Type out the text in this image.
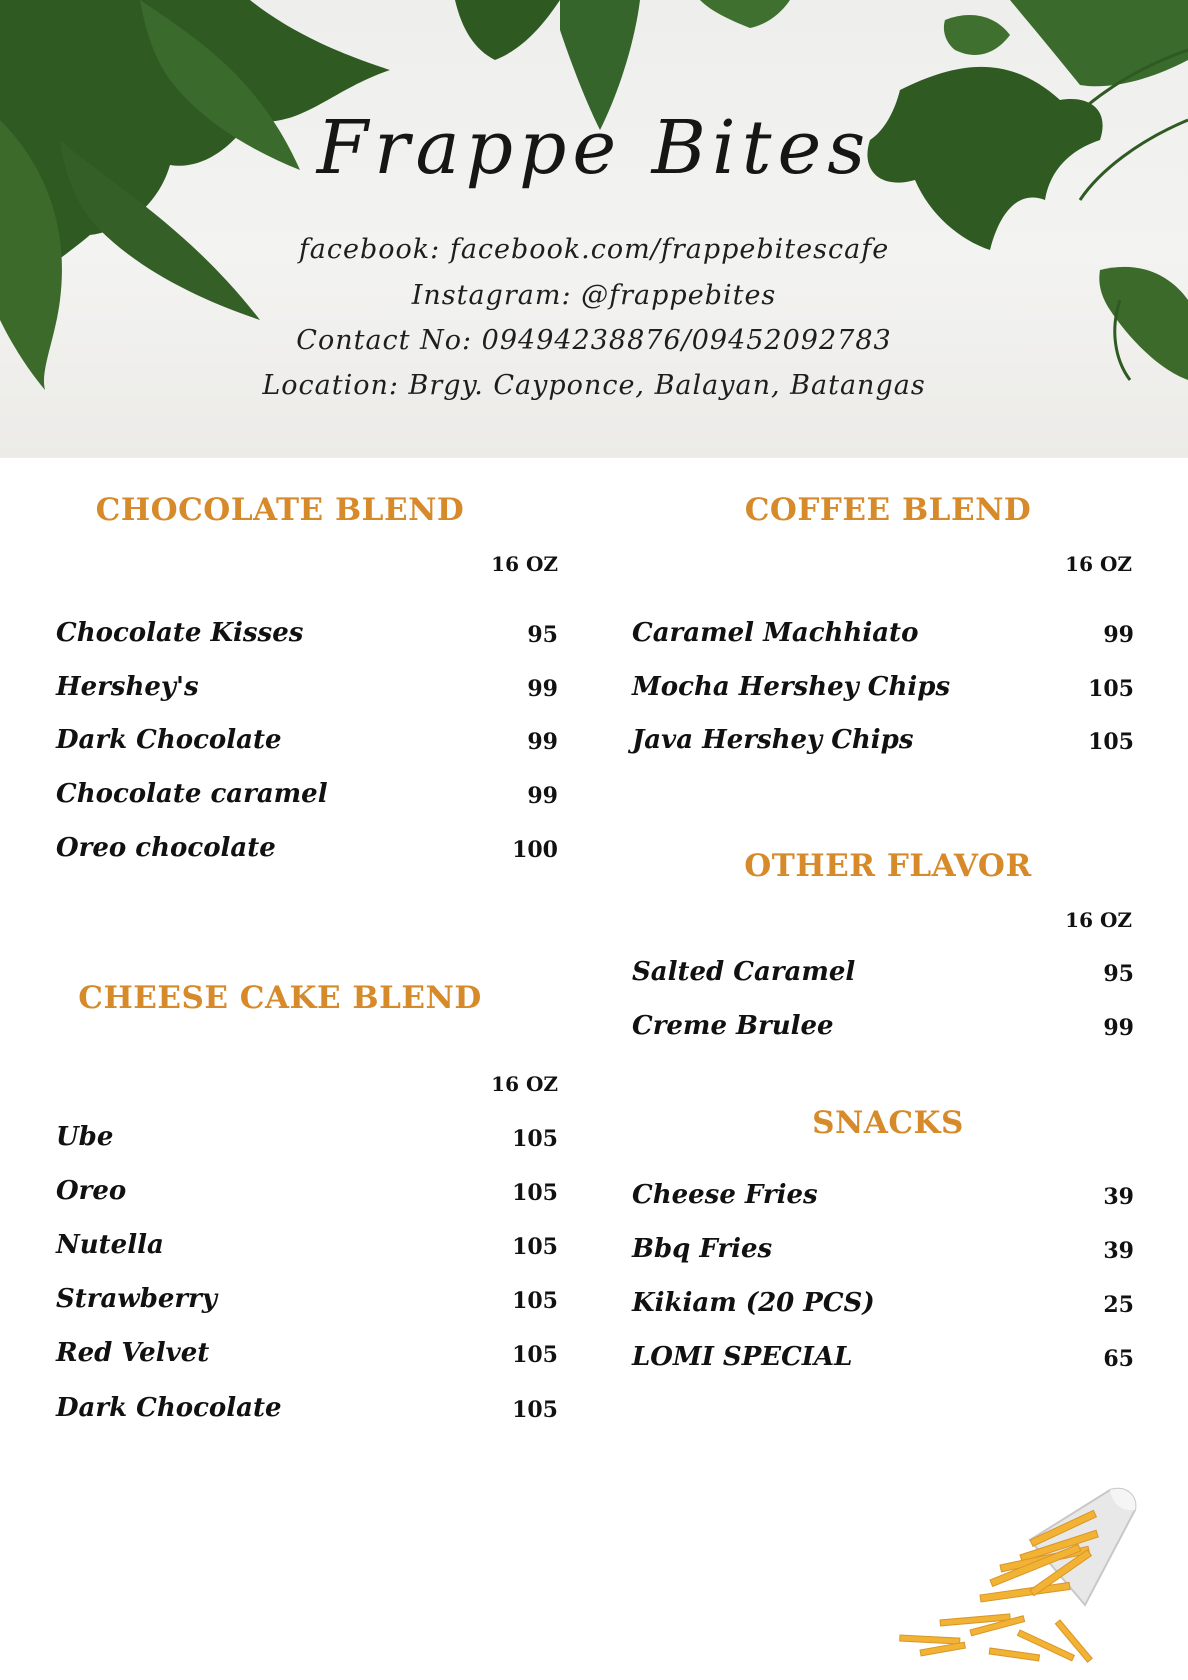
Frappe Bites
facebook: facebook.com/frappebitescafe
Instagram: @frappebites
Contact No: 09494238876/09452092783
Location: Brgy. Cayponce, Balayan, Batangas
CHOCOLATE BLEND
16 OZ
Chocolate Kisses	95
Hershey's	99
Dark Chocolate	99
Chocolate caramel	99
Oreo chocolate	100
CHEESE CAKE BLEND
16 OZ
Ube	105
Oreo	105
Nutella	105
Strawberry	105
Red Velvet	105
Dark Chocolate	105
COFFEE BLEND
16 OZ
Caramel Machhiato	99
Mocha Hershey Chips	105
Java Hershey Chips	105
OTHER FLAVOR
16 OZ
Salted Caramel	95
Creme Brulee	99
SNACKS
Cheese Fries	39
Bbq Fries	39
Kikiam (20 PCS)	25
LOMI SPECIAL	65
